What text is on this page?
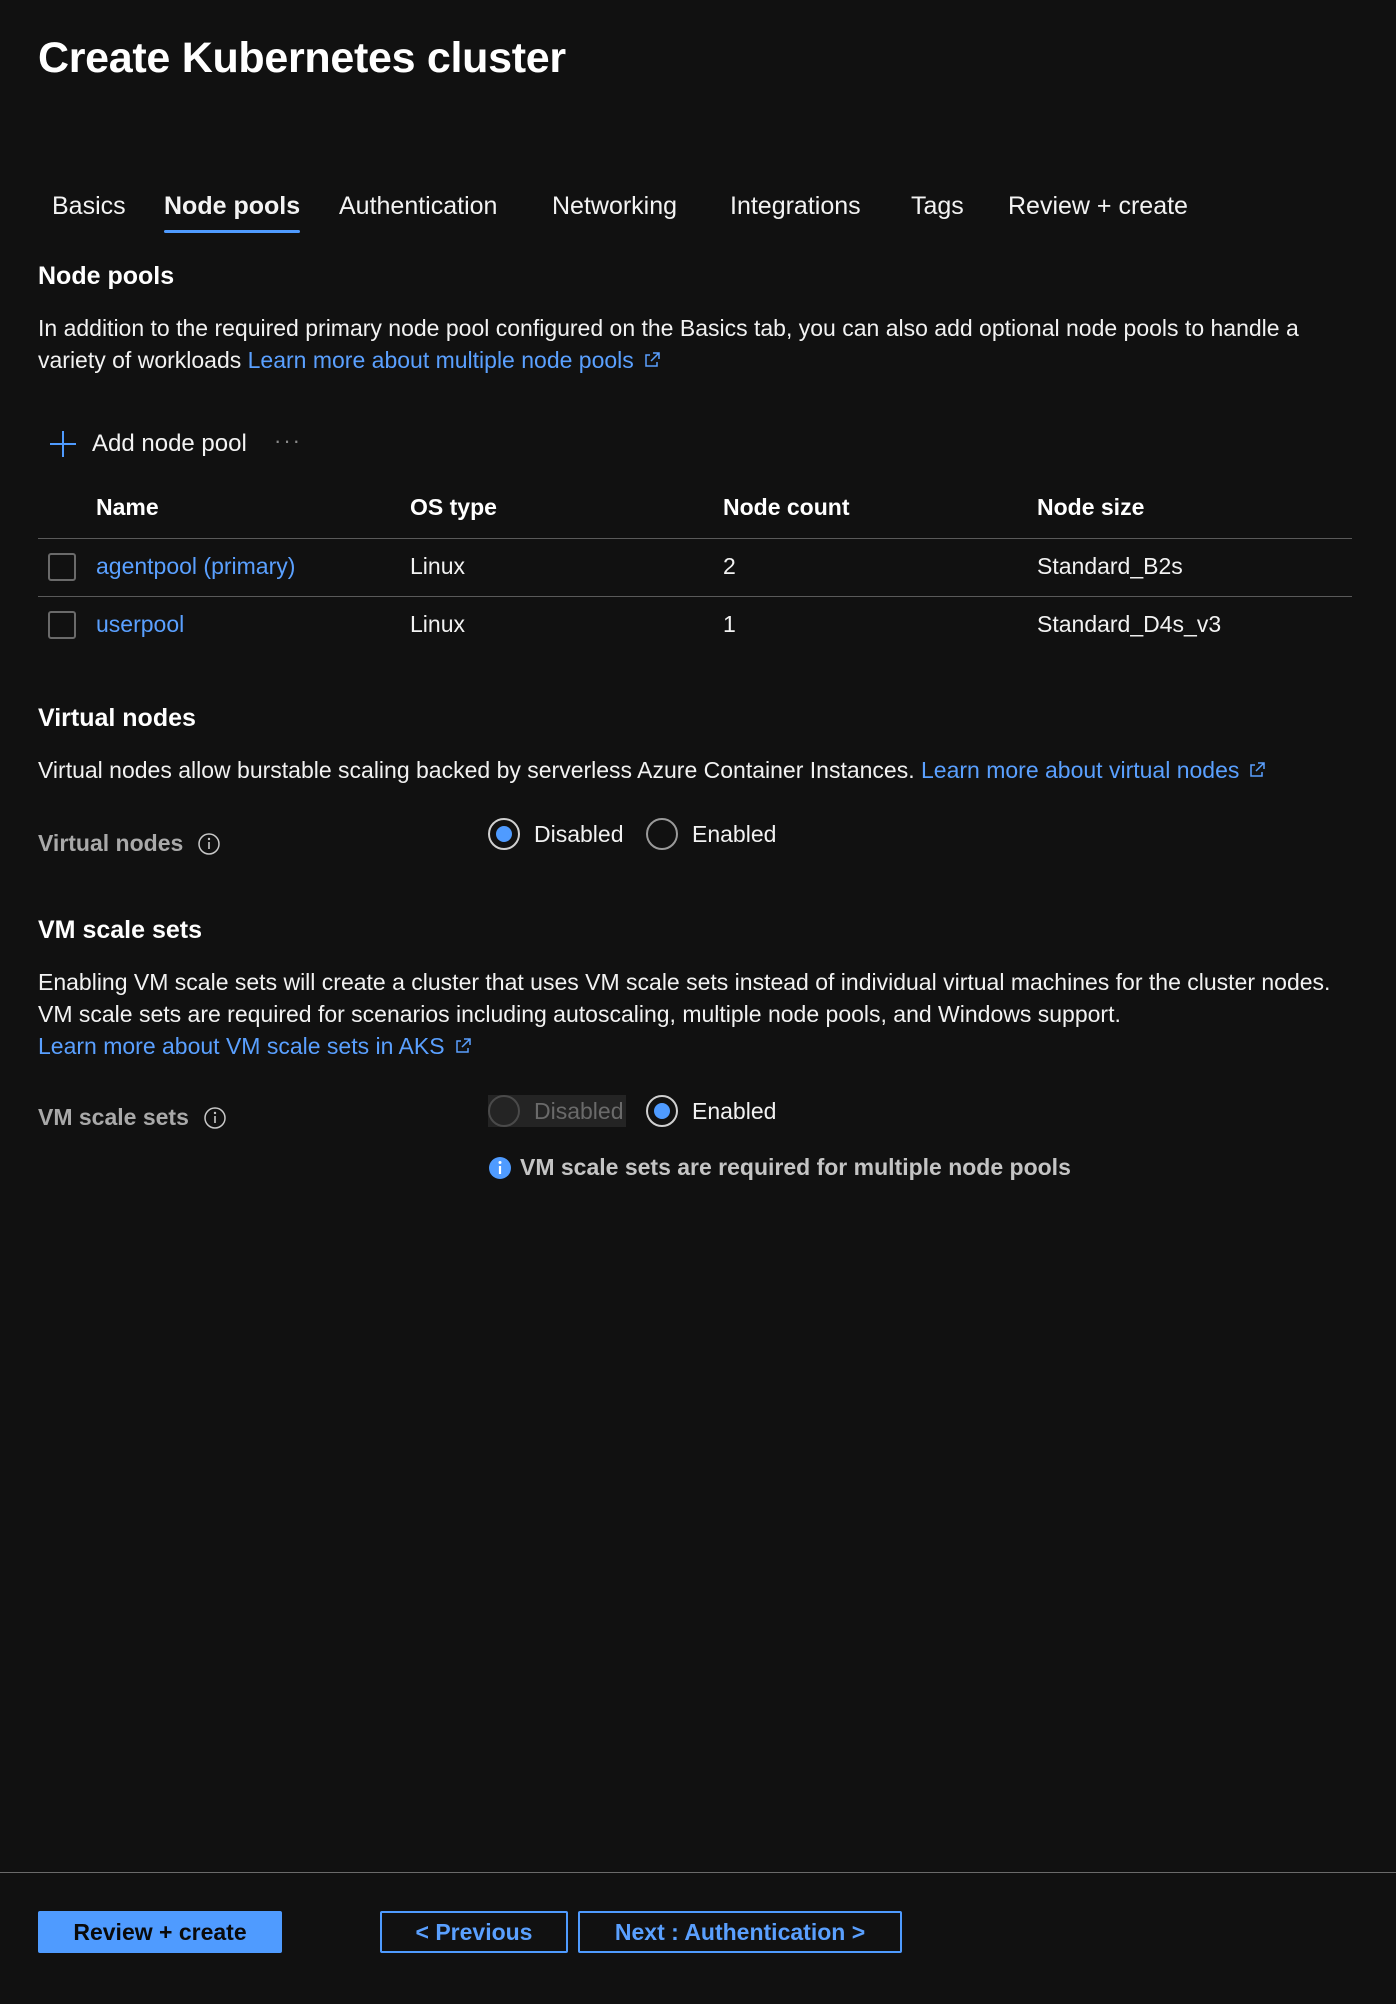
Create Kubernetes cluster
Basics Node pools Authentication Networking Integrations Tags Review + create
Node pools
In addition to the required primary node pool configured on the Basics tab, you can also add optional node pools to handle a variety of workloads Learn more about multiple node pools
Add node pool ···
Name	OS type	Node count	Node size
agentpool (primary)	Linux	2	Standard_B2s
userpool	Linux	1	Standard_D4s_v3
Virtual nodes
Virtual nodes allow burstable scaling backed by serverless Azure Container Instances. Learn more about virtual nodes
Virtual nodes	Disabled	Enabled
VM scale sets
Enabling VM scale sets will create a cluster that uses VM scale sets instead of individual virtual machines for the cluster nodes.
VM scale sets are required for scenarios including autoscaling, multiple node pools, and Windows support.
Learn more about VM scale sets in AKS
VM scale sets	Disabled	Enabled
VM scale sets are required for multiple node pools
Review + create	< Previous	Next : Authentication >
